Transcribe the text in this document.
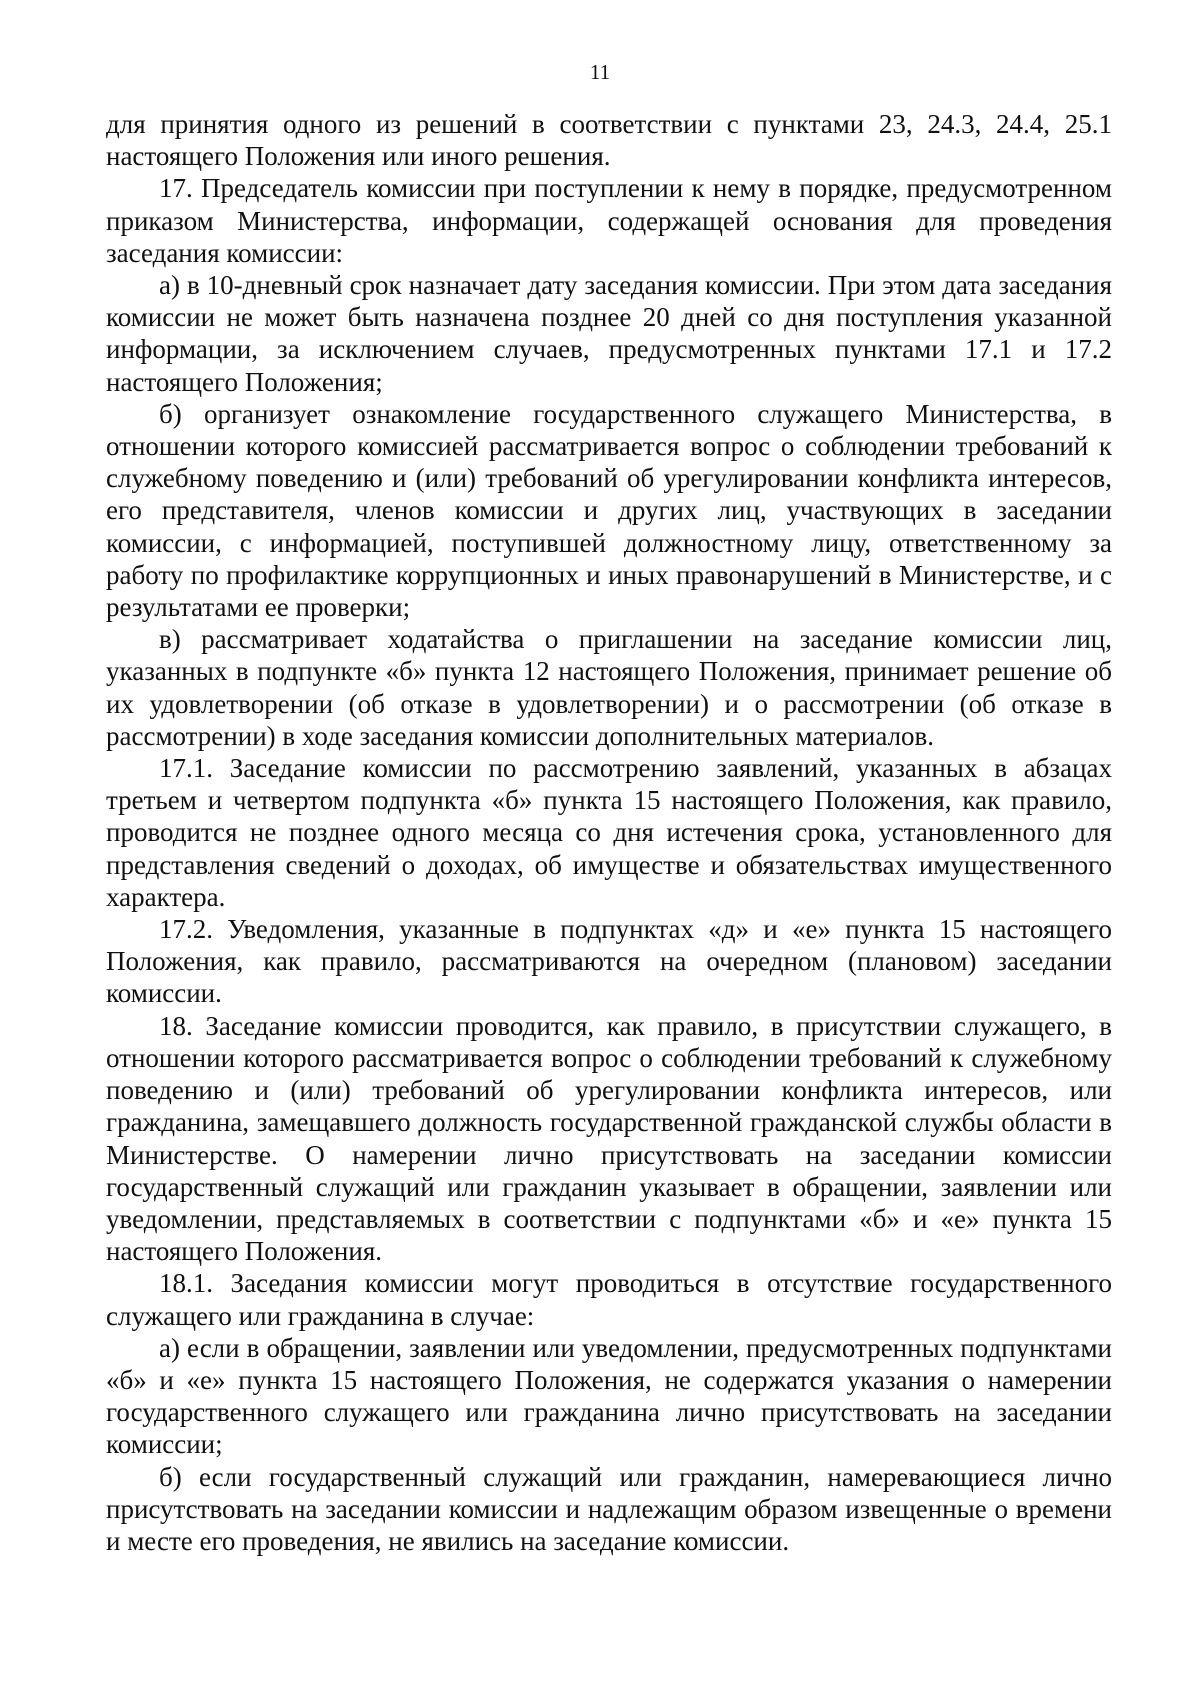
11

для принятия одного из решений в соответствии с пунктами 23, 24.3, 24.4, 25.1 настоящего Положения или иного решения.

17. Председатель комиссии при поступлении к нему в порядке, предусмотренном приказом Министерства, информации, содержащей основания для проведения заседания комиссии:

а) в 10-дневный срок назначает дату заседания комиссии. При этом дата заседания комиссии не может быть назначена позднее 20 дней со дня поступления указанной информации, за исключением случаев, предусмотренных пунктами 17.1 и 17.2 настоящего Положения;

б) организует ознакомление государственного служащего Министерства, в отношении которого комиссией рассматривается вопрос о соблюдении требований к служебному поведению и (или) требований об урегулировании конфликта интересов, его представителя, членов комиссии и других лиц, участвующих в заседании комиссии, с информацией, поступившей должностному лицу, ответственному за работу по профилактике коррупционных и иных правонарушений в Министерстве, и с результатами ее проверки;

в) рассматривает ходатайства о приглашении на заседание комиссии лиц, указанных в подпункте «б» пункта 12 настоящего Положения, принимает решение об их удовлетворении (об отказе в удовлетворении) и о рассмотрении (об отказе в рассмотрении) в ходе заседания комиссии дополнительных материалов.

17.1. Заседание комиссии по рассмотрению заявлений, указанных в абзацах третьем и четвертом подпункта «б» пункта 15 настоящего Положения, как правило, проводится не позднее одного месяца со дня истечения срока, установленного для представления сведений о доходах, об имуществе и обязательствах имущественного характера.

17.2. Уведомления, указанные в подпунктах «д» и «е» пункта 15 настоящего Положения, как правило, рассматриваются на очередном (плановом) заседании комиссии.

18. Заседание комиссии проводится, как правило, в присутствии служащего, в отношении которого рассматривается вопрос о соблюдении требований к служебному поведению и (или) требований об урегулировании конфликта интересов, или гражданина, замещавшего должность государственной гражданской службы области в Министерстве. О намерении лично присутствовать на заседании комиссии государственный служащий или гражданин указывает в обращении, заявлении или уведомлении, представляемых в соответствии с подпунктами «б» и «е» пункта 15 настоящего Положения.

18.1. Заседания комиссии могут проводиться в отсутствие государственного служащего или гражданина в случае:

а) если в обращении, заявлении или уведомлении, предусмотренных подпунктами «б» и «е» пункта 15 настоящего Положения, не содержатся указания о намерении государственного служащего или гражданина лично присутствовать на заседании комиссии;

б) если государственный служащий или гражданин, намеревающиеся лично присутствовать на заседании комиссии и надлежащим образом извещенные о времени и месте его проведения, не явились на заседание комиссии.
